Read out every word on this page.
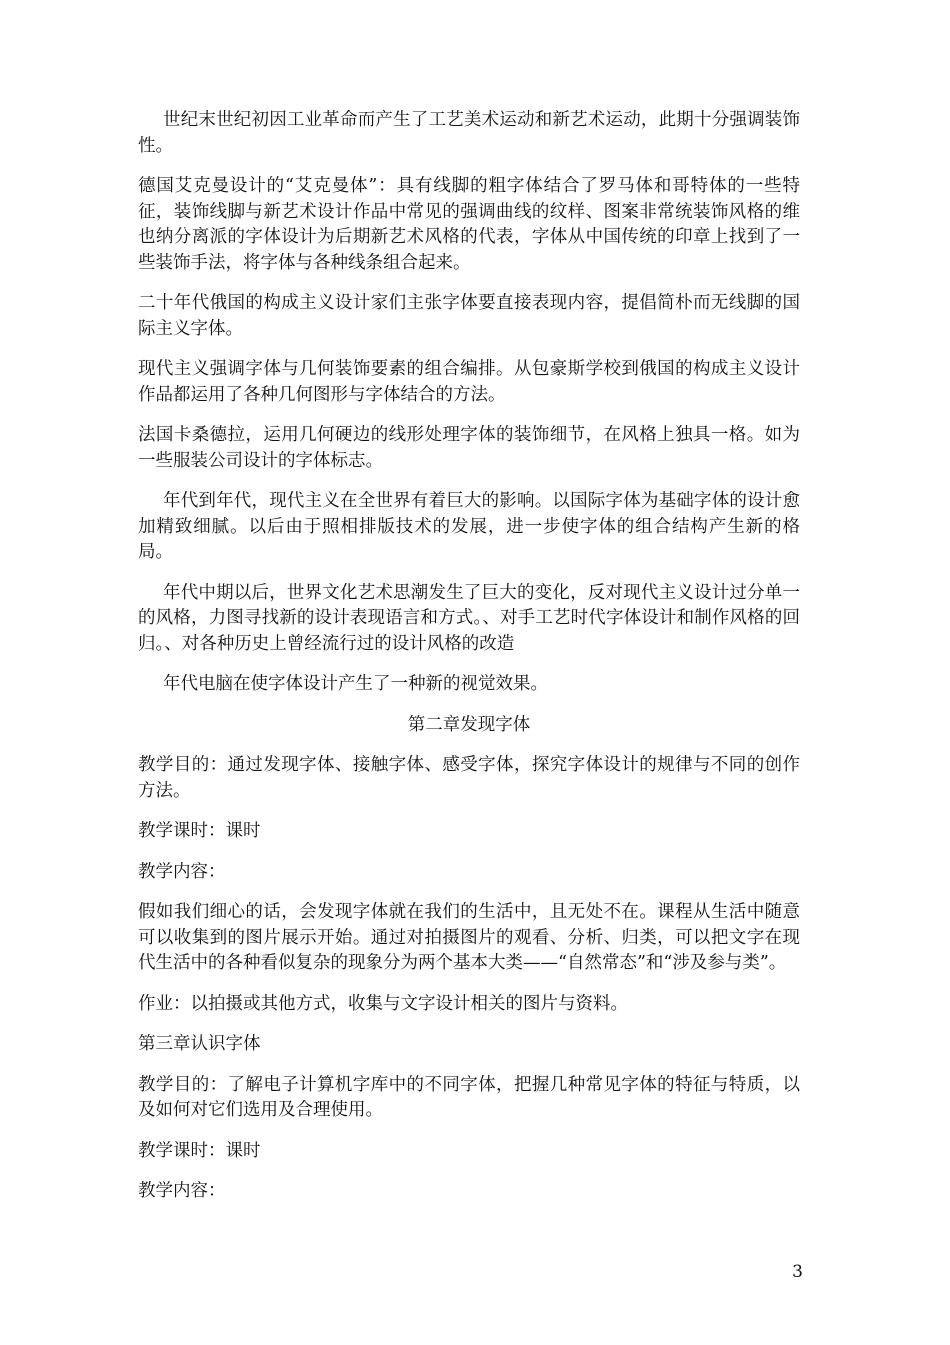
世纪末世纪初因工业革命而产生了工艺美术运动和新艺术运动，此期十分强调装饰性。

德国艾克曼设计的“艾克曼体”：具有线脚的粗字体结合了罗马体和哥特体的一些特征，装饰线脚与新艺术设计作品中常见的强调曲线的纹样、图案非常统装饰风格的维也纳分离派的字体设计为后期新艺术风格的代表，字体从中国传统的印章上找到了一些装饰手法，将字体与各种线条组合起来。

二十年代俄国的构成主义设计家们主张字体要直接表现内容，提倡简朴而无线脚的国际主义字体。

现代主义强调字体与几何装饰要素的组合编排。从包豪斯学校到俄国的构成主义设计作品都运用了各种几何图形与字体结合的方法。

法国卡桑德拉，运用几何硬边的线形处理字体的装饰细节，在风格上独具一格。如为一些服装公司设计的字体标志。

年代到年代，现代主义在全世界有着巨大的影响。以国际字体为基础字体的设计愈加精致细腻。以后由于照相排版技术的发展，进一步使字体的组合结构产生新的格局。

年代中期以后，世界文化艺术思潮发生了巨大的变化，反对现代主义设计过分单一的风格，力图寻找新的设计表现语言和方式。、对手工艺时代字体设计和制作风格的回归。、对各种历史上曾经流行过的设计风格的改造

年代电脑在使字体设计产生了一种新的视觉效果。

第二章发现字体

教学目的：通过发现字体、接触字体、感受字体，探究字体设计的规律与不同的创作方法。

教学课时：课时

教学内容：

假如我们细心的话，会发现字体就在我们的生活中，且无处不在。课程从生活中随意可以收集到的图片展示开始。通过对拍摄图片的观看、分析、归类，可以把文字在现代生活中的各种看似复杂的现象分为两个基本大类——“自然常态”和“涉及参与类”。

作业：以拍摄或其他方式，收集与文字设计相关的图片与资料。

第三章认识字体

教学目的：了解电子计算机字库中的不同字体，把握几种常见字体的特征与特质，以及如何对它们选用及合理使用。

教学课时：课时

教学内容：

3
